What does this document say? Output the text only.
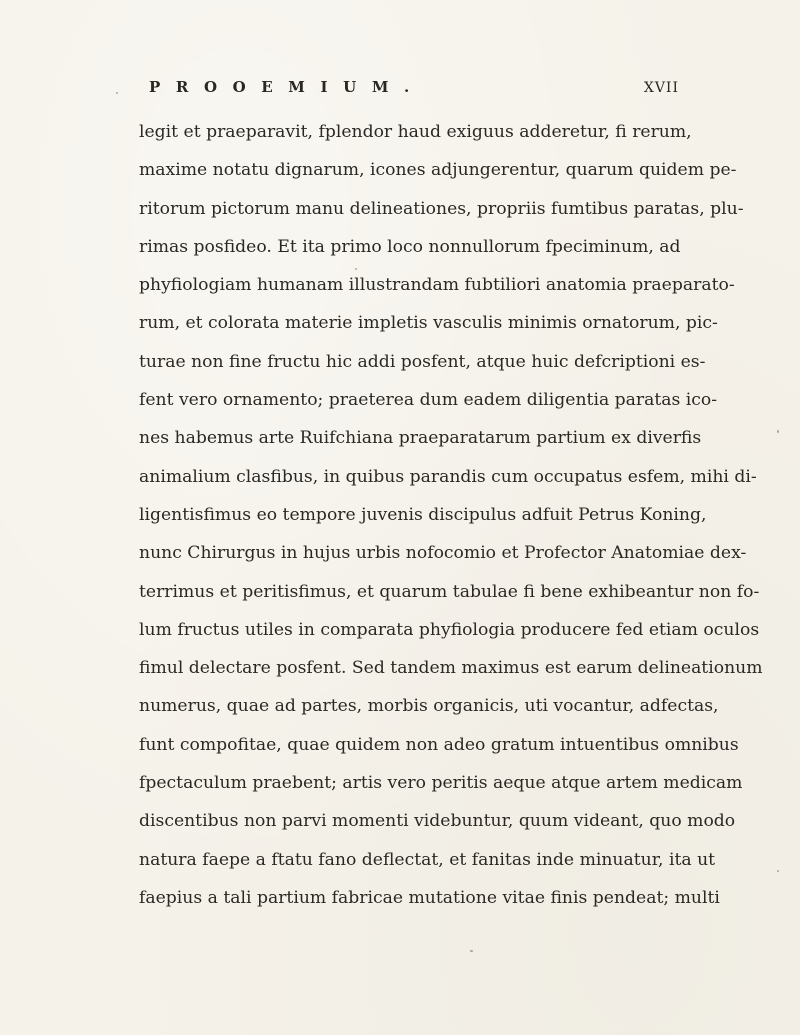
PROOEMIUM.	XVII
legit et praeparavit, fplendor haud exiguus adderetur, fi rerum,
maxime notatu dignarum, icones adjungerentur, quarum quidem pe-
ritorum pictorum manu delineationes, propriis fumtibus paratas, plu-
rimas posfideo. Et ita primo loco nonnullorum fpeciminum, ad
phyfiologiam humanam illustrandam fubtiliori anatomia praeparato-
rum, et colorata materie impletis vasculis minimis ornatorum, pic-
turae non fine fructu hic addi posfent, atque huic defcriptioni es-
fent vero ornamento; praeterea dum eadem diligentia paratas ico-
nes habemus arte Ruifchiana praeparatarum partium ex diverfis
animalium clasfibus, in quibus parandis cum occupatus esfem, mihi di-
ligentisfimus eo tempore juvenis discipulus adfuit Petrus Koning,
nunc Chirurgus in hujus urbis nofocomio et Profector Anatomiae dex-
terrimus et peritisfimus, et quarum tabulae fi bene exhibeantur non fo-
lum fructus utiles in comparata phyfiologia producere fed etiam oculos
fimul delectare posfent. Sed tandem maximus est earum delineationum
numerus, quae ad partes, morbis organicis, uti vocantur, adfectas,
funt compofitae, quae quidem non adeo gratum intuentibus omnibus
fpectaculum praebent; artis vero peritis aeque atque artem medicam
discentibus non parvi momenti videbuntur, quum videant, quo modo
natura faepe a ftatu fano deflectat, et fanitas inde minuatur, ita ut
faepius a tali partium fabricae mutatione vitae finis pendeat; multi
